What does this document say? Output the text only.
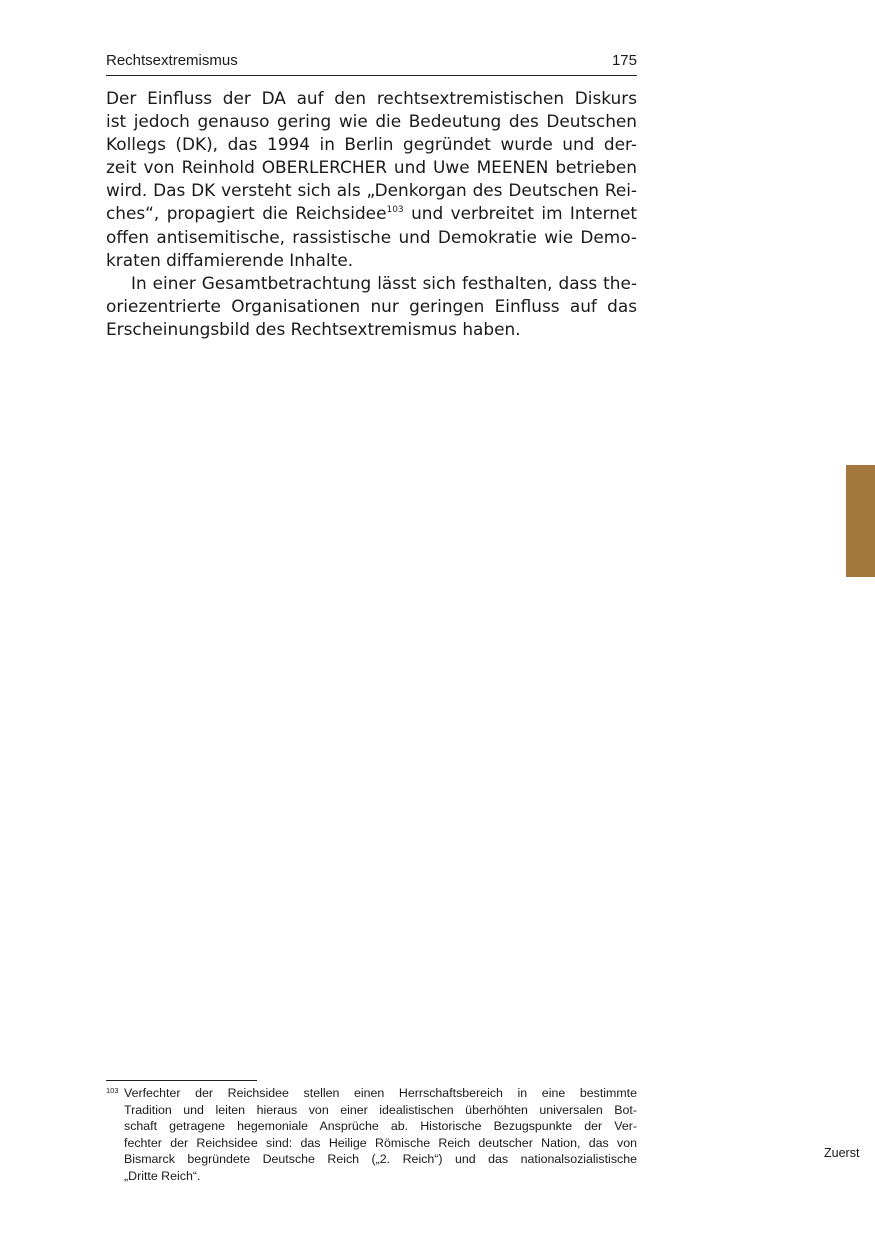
Rechtsextremismus	175
Der Einfluss der DA auf den rechtsextremistischen Diskurs
ist jedoch genauso gering wie die Bedeutung des Deutschen
Kollegs (DK), das 1994 in Berlin gegründet wurde und der-
zeit von Reinhold OBERLERCHER und Uwe MEENEN betrieben
wird. Das DK versteht sich als „Denkorgan des Deutschen Rei-
ches“, propagiert die Reichsidee$^{103}$ und verbreitet im Internet
offen antisemitische, rassistische und Demokratie wie Demo-
kraten diffamierende Inhalte.
In einer Gesamtbetrachtung lässt sich festhalten, dass the-
oriezentrierte Organisationen nur geringen Einfluss auf das
Erscheinungsbild des Rechtsextremismus haben.
103 Verfechter der Reichsidee stellen einen Herrschaftsbereich in eine bestimmte
Tradition und leiten hieraus von einer idealistischen überhöhten universalen Bot-
schaft getragene hegemoniale Ansprüche ab. Historische Bezugspunkte der Ver-
fechter der Reichsidee sind: das Heilige Römische Reich deutscher Nation, das von
Bismarck begründete Deutsche Reich („2. Reich“) und das nationalsozialistische
„Dritte Reich“.
Zuerst
